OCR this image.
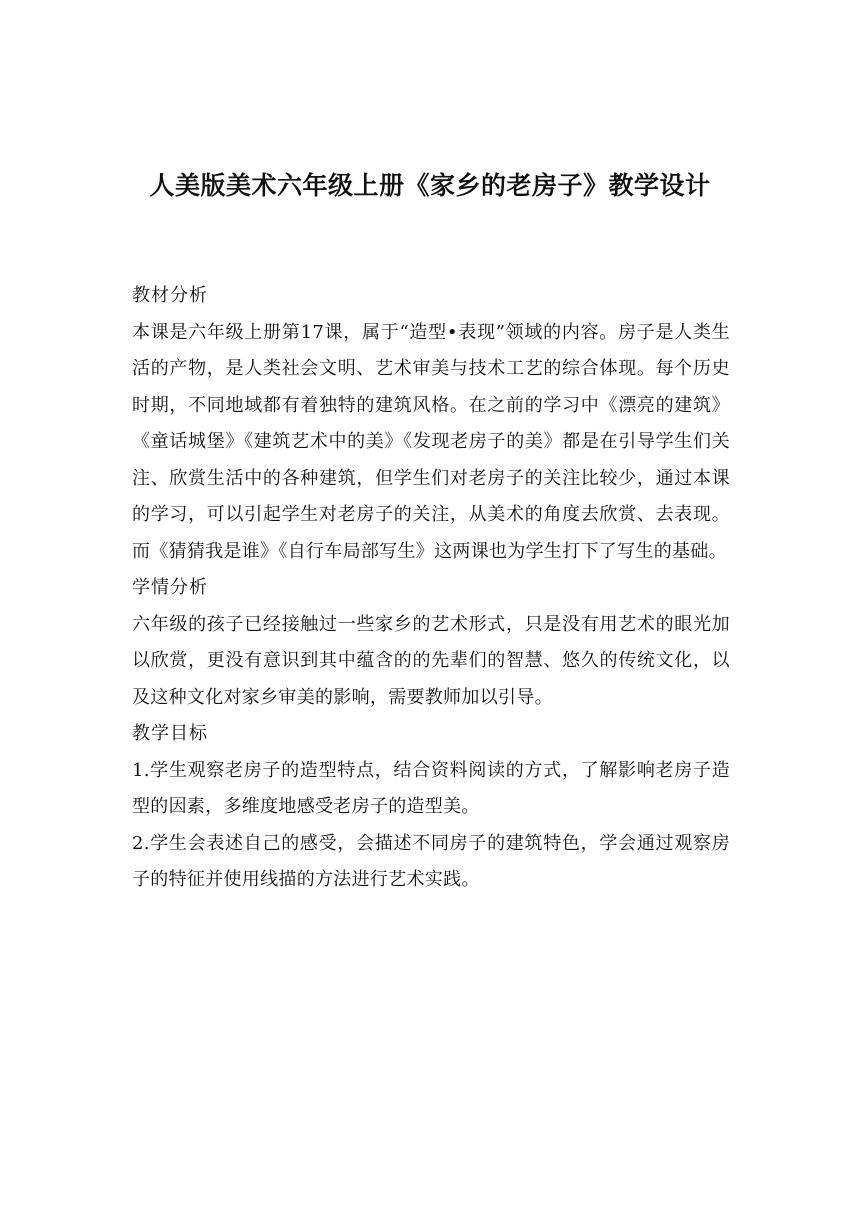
人美版美术六年级上册《家乡的老房子》教学设计

教材分析

本课是六年级上册第17课，属于“造型•表现”领域的内容。房子是人类生活的产物，是人类社会文明、艺术审美与技术工艺的综合体现。每个历史时期，不同地域都有着独特的建筑风格。在之前的学习中《漂亮的建筑》《童话城堡》《建筑艺术中的美》《发现老房子的美》都是在引导学生们关注、欣赏生活中的各种建筑，但学生们对老房子的关注比较少，通过本课的学习，可以引起学生对老房子的关注，从美术的角度去欣赏、去表现。而《猜猜我是谁》《自行车局部写生》这两课也为学生打下了写生的基础。

学情分析

六年级的孩子已经接触过一些家乡的艺术形式，只是没有用艺术的眼光加以欣赏，更没有意识到其中蕴含的的先辈们的智慧、悠久的传统文化，以及这种文化对家乡审美的影响，需要教师加以引导。

教学目标

1.学生观察老房子的造型特点，结合资料阅读的方式，了解影响老房子造型的因素，多维度地感受老房子的造型美。

2.学生会表述自己的感受，会描述不同房子的建筑特色，学会通过观察房子的特征并使用线描的方法进行艺术实践。
